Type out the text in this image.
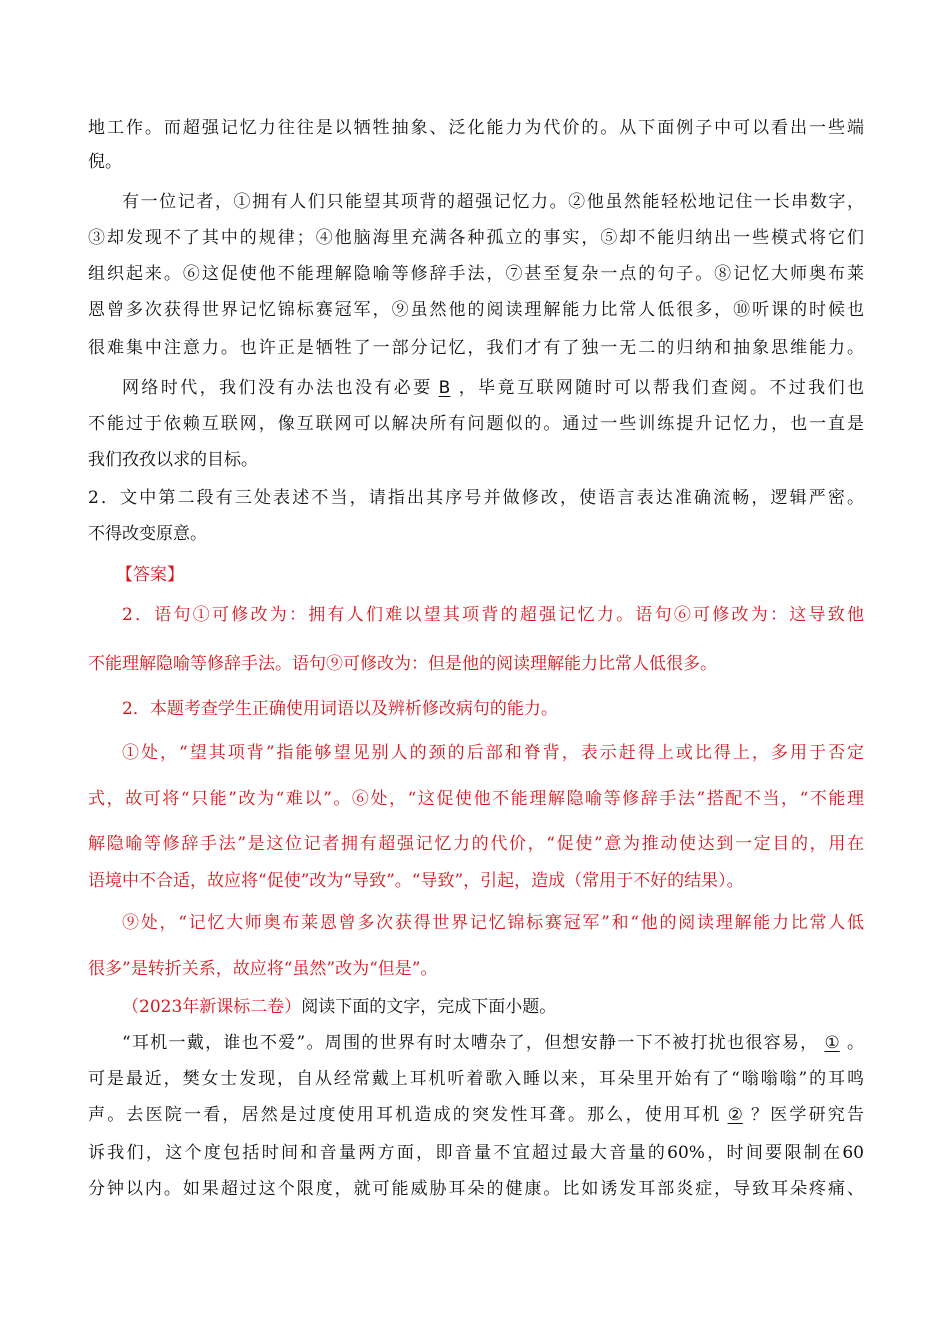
地工作。而超强记忆力往往是以牺牲抽象、泛化能力为代价的。从下面例子中可以看出一些端
倪。
有一位记者，①拥有人们只能望其项背的超强记忆力。②他虽然能轻松地记住一长串数字，
③却发现不了其中的规律；④他脑海里充满各种孤立的事实，⑤却不能归纳出一些模式将它们
组织起来。⑥这促使他不能理解隐喻等修辞手法，⑦甚至复杂一点的句子。⑧记忆大师奥布莱
恩曾多次获得世界记忆锦标赛冠军，⑨虽然他的阅读理解能力比常人低很多，⑩听课的时候也
很难集中注意力。也许正是牺牲了一部分记忆，我们才有了独一无二的归纳和抽象思维能力。
网络时代，我们没有办法也没有必要 B ，毕竟互联网随时可以帮我们查阅。不过我们也
不能过于依赖互联网，像互联网可以解决所有问题似的。通过一些训练提升记忆力，也一直是
我们孜孜以求的目标。
2．文中第二段有三处表述不当，请指出其序号并做修改，使语言表达准确流畅，逻辑严密。
不得改变原意。
【答案】
2．语句①可修改为：拥有人们难以望其项背的超强记忆力。语句⑥可修改为：这导致他
不能理解隐喻等修辞手法。语句⑨可修改为：但是他的阅读理解能力比常人低很多。
2．本题考查学生正确使用词语以及辨析修改病句的能力。
①处，“望其项背”指能够望见别人的颈的后部和脊背，表示赶得上或比得上，多用于否定
式，故可将“只能”改为“难以”。⑥处，“这促使他不能理解隐喻等修辞手法”搭配不当，“不能理
解隐喻等修辞手法”是这位记者拥有超强记忆力的代价，“促使”意为推动使达到一定目的，用在
语境中不合适，故应将“促使”改为“导致”。“导致”，引起，造成（常用于不好的结果）。
⑨处，“记忆大师奥布莱恩曾多次获得世界记忆锦标赛冠军”和“他的阅读理解能力比常人低
很多”是转折关系，故应将“虽然”改为“但是”。
（2023年新课标二卷）阅读下面的文字，完成下面小题。
“耳机一戴，谁也不爱”。周围的世界有时太嘈杂了，但想安静一下不被打扰也很容易， ① 。
可是最近，樊女士发现，自从经常戴上耳机听着歌入睡以来，耳朵里开始有了“嗡嗡嗡”的耳鸣
声。去医院一看，居然是过度使用耳机造成的突发性耳聋。那么，使用耳机 ② ？医学研究告
诉我们，这个度包括时间和音量两方面，即音量不宜超过最大音量的60%，时间要限制在60
分钟以内。如果超过这个限度，就可能威胁耳朵的健康。比如诱发耳部炎症，导致耳朵疼痛、
